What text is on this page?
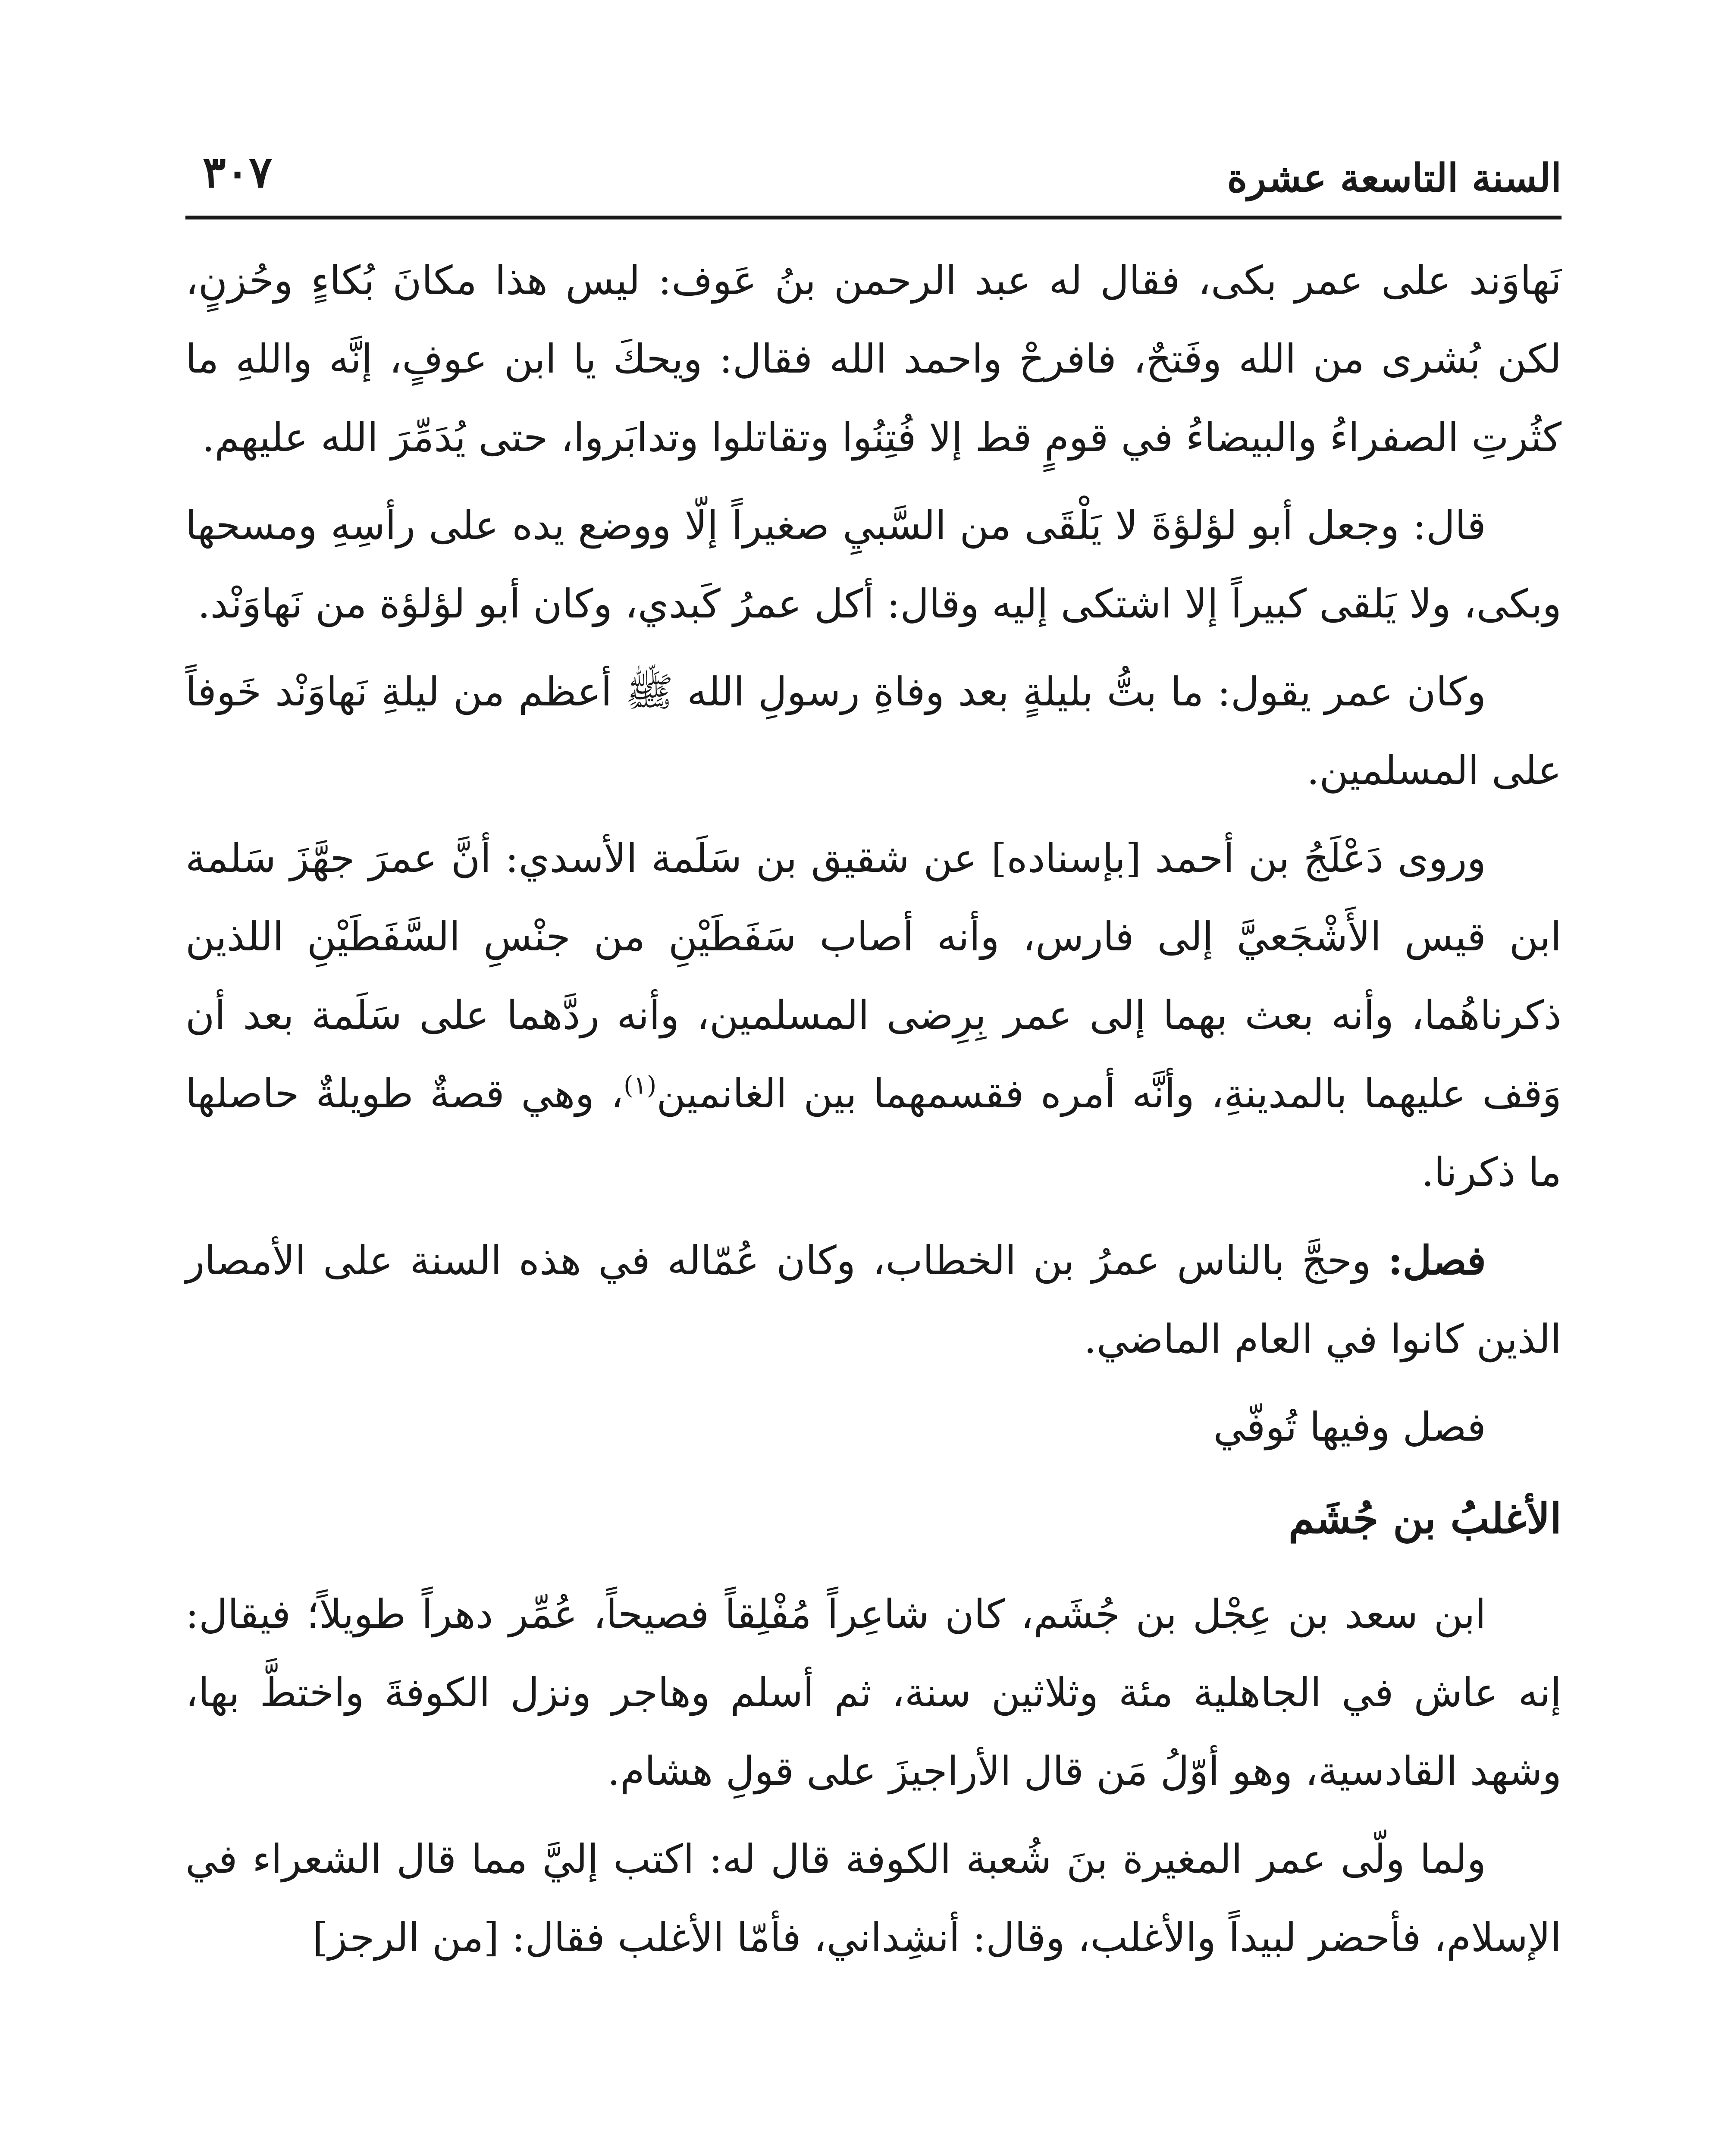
السنة التاسعة عشرة
٣٠٧

نَهاوَند على عمر بكى، فقال له عبد الرحمن بنُ عَوف: ليس هذا مكانَ بُكاءٍ وحُزنٍ، لكن بُشرى من الله وفَتحٌ، فافرحْ واحمد الله فقال: ويحكَ يا ابن عوفٍ، إنَّه واللهِ ما كثُرتِ الصفراءُ والبيضاءُ في قومٍ قط إلا فُتِنُوا وتقاتلوا وتدابَروا، حتى يُدَمِّرَ الله عليهم.

قال: وجعل أبو لؤلؤةَ لا يَلْقَى من السَّبيِ صغيراً إلّا ووضع يده على رأسِهِ ومسحها وبكى، ولا يَلقى كبيراً إلا اشتكى إليه وقال: أكل عمرُ كَبدي، وكان أبو لؤلؤة من نَهاوَنْد.

وكان عمر يقول: ما بتُّ بليلةٍ بعد وفاةِ رسولِ الله ﷺ أعظم من ليلةِ نَهاوَنْد خَوفاً على المسلمين.

وروى دَعْلَجُ بن أحمد [بإسناده] عن شقيق بن سَلَمة الأسدي: أنَّ عمرَ جهَّزَ سَلمة ابن قيس الأَشْجَعيَّ إلى فارس، وأنه أصاب سَفَطَيْنِ من جنْسِ السَّفَطَيْنِ اللذين ذكرناهُما، وأنه بعث بهما إلى عمر بِرِضى المسلمين، وأنه ردَّهما على سَلَمة بعد أن وَقف عليهما بالمدينةِ، وأنَّه أمره فقسمهما بين الغانمين$^{(١)}$، وهي قصةٌ طويلةٌ حاصلها ما ذكرنا.

فصل: وحجَّ بالناس عمرُ بن الخطاب، وكان عُمّاله في هذه السنة على الأمصار الذين كانوا في العام الماضي.

فصل وفيها تُوفّي

الأغلبُ بن جُشَم

ابن سعد بن عِجْل بن جُشَم، كان شاعِراً مُفْلِقاً فصيحاً، عُمِّر دهراً طويلاً؛ فيقال: إنه عاش في الجاهلية مئة وثلاثين سنة، ثم أسلم وهاجر ونزل الكوفةَ واختطَّ بها، وشهد القادسية، وهو أوّلُ مَن قال الأراجيزَ على قولِ هشام.

ولما ولّى عمر المغيرة بنَ شُعبة الكوفة قال له: اكتب إليَّ مما قال الشعراء في الإسلام، فأحضر لبيداً والأغلب، وقال: أنشِداني، فأمّا الأغلب فقال: [من الرجز]
